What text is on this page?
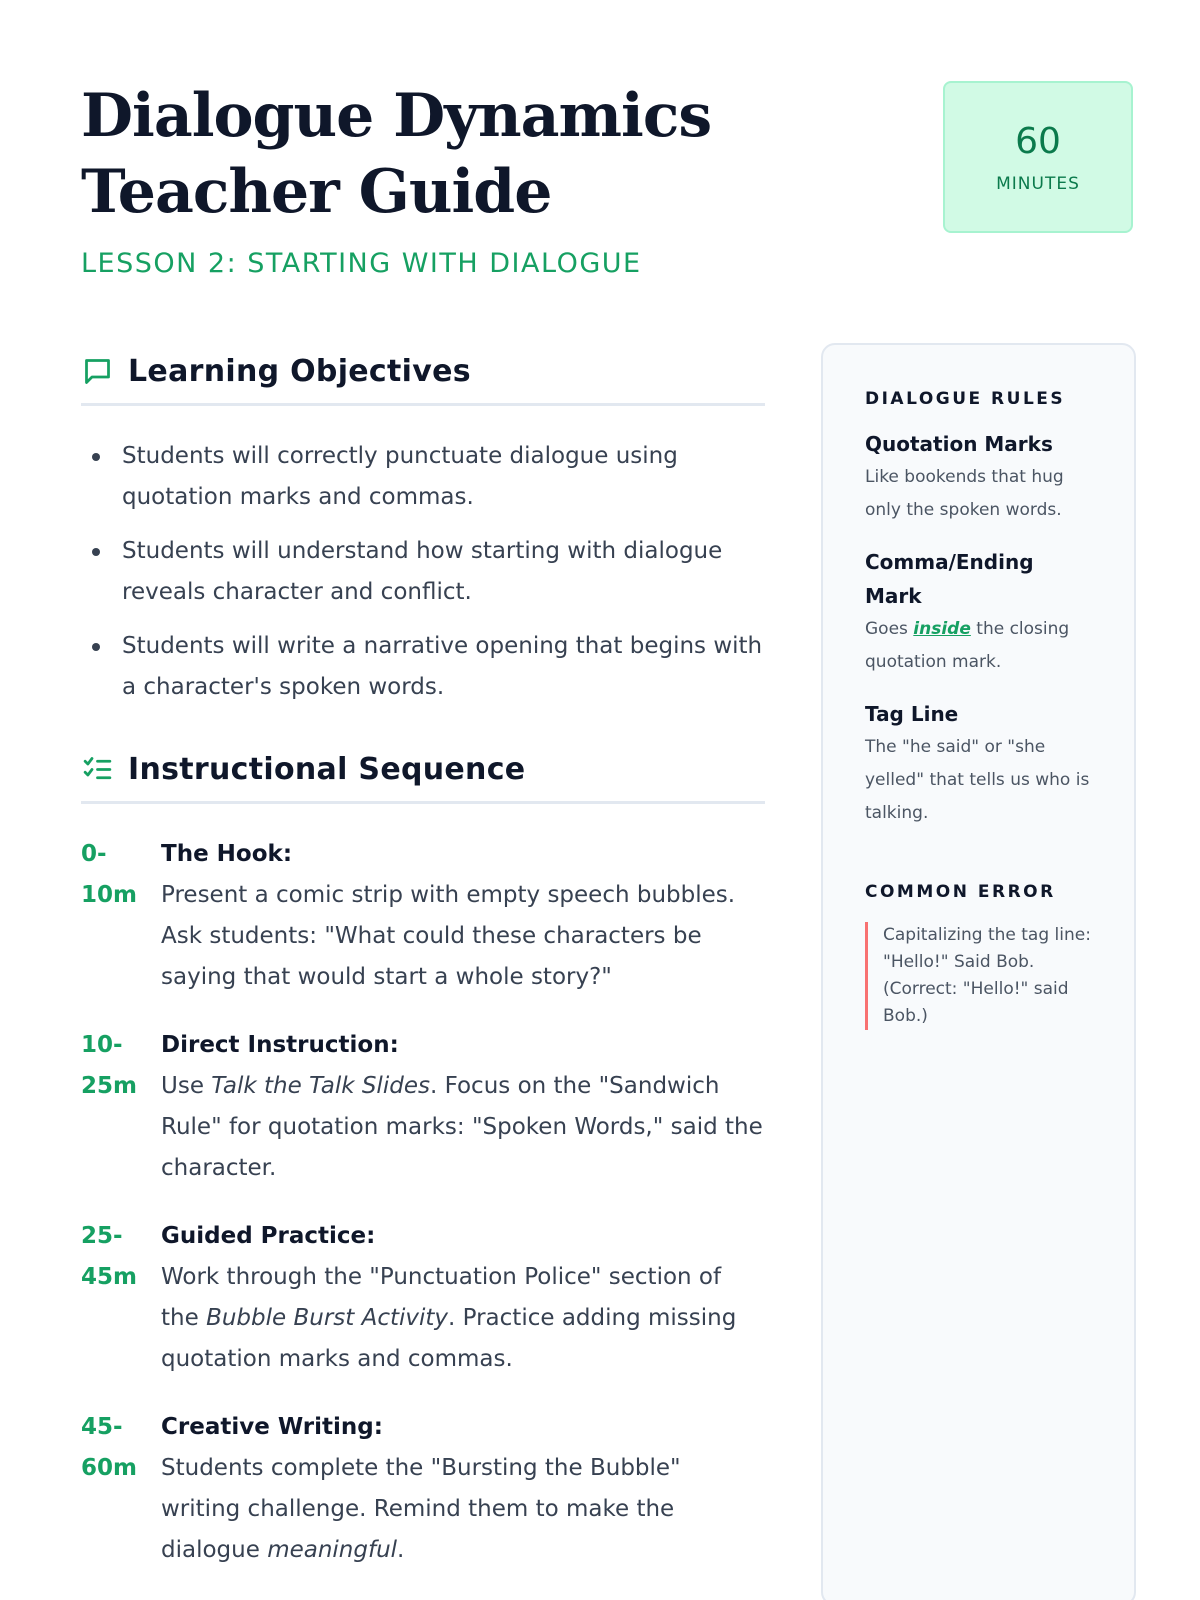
Dialogue Dynamics Teacher Guide
LESSON 2: STARTING WITH DIALOGUE
60
MINUTES
Learning Objectives
Students will correctly punctuate dialogue using quotation marks and commas.
Students will understand how starting with dialogue reveals character and conflict.
Students will write a narrative opening that begins with a character's spoken words.
Instructional Sequence
0-10m
The Hook:
Present a comic strip with empty speech bubbles. Ask students: "What could these characters be saying that would start a whole story?"
10-25m
Direct Instruction:
Use Talk the Talk Slides. Focus on the "Sandwich Rule" for quotation marks: "Spoken Words," said the character.
25-45m
Guided Practice:
Work through the "Punctuation Police" section of the Bubble Burst Activity. Practice adding missing quotation marks and commas.
45-60m
Creative Writing:
Students complete the "Bursting the Bubble" writing challenge. Remind them to make the dialogue meaningful.
DIALOGUE RULES
Quotation Marks
Like bookends that hug only the spoken words.
Comma/Ending Mark
Goes inside the closing quotation mark.
Tag Line
The "he said" or "she yelled" that tells us who is talking.
COMMON ERROR
Capitalizing the tag line: "Hello!" Said Bob. (Correct: "Hello!" said Bob.)
